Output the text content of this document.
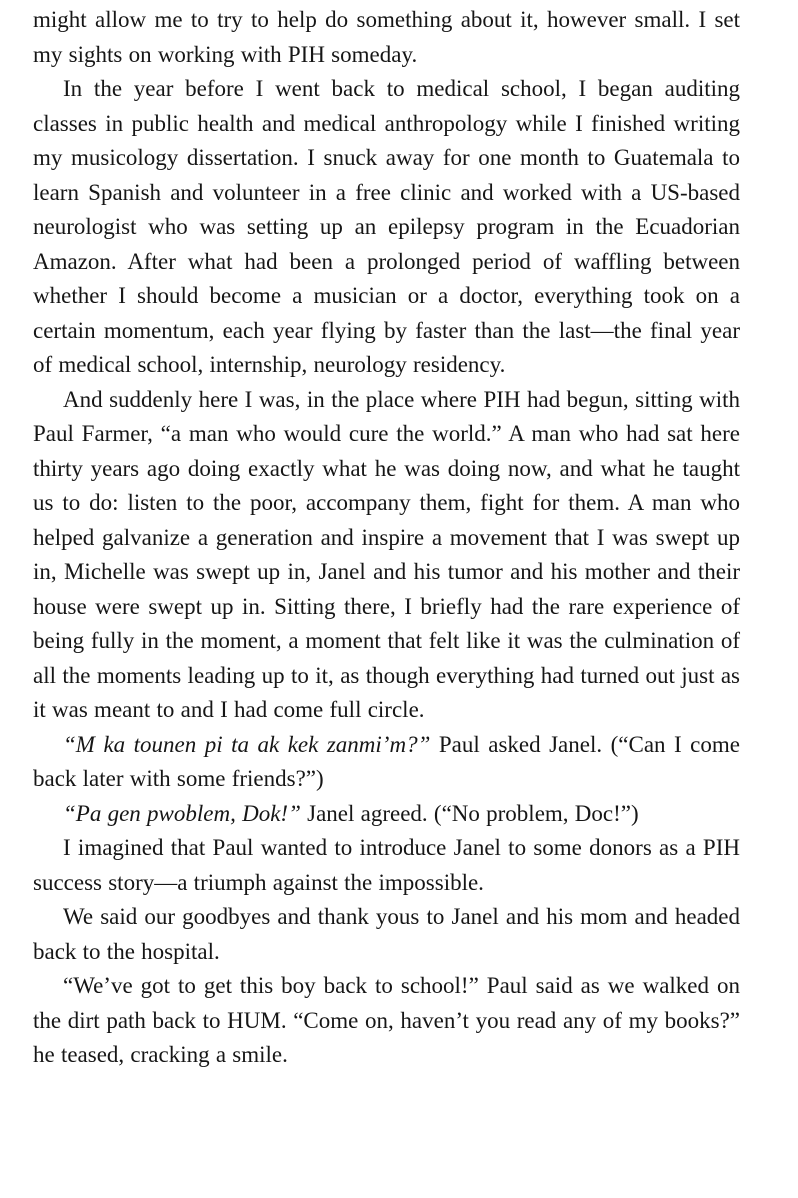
might allow me to try to help do something about it, however small. I set my sights on working with PIH someday.

In the year before I went back to medical school, I began auditing classes in public health and medical anthropology while I finished writing my musicology dissertation. I snuck away for one month to Guatemala to learn Spanish and volunteer in a free clinic and worked with a US-based neurologist who was setting up an epilepsy program in the Ecuadorian Amazon. After what had been a prolonged period of waffling between whether I should become a musician or a doctor, everything took on a certain momentum, each year flying by faster than the last—the final year of medical school, internship, neurology residency.

And suddenly here I was, in the place where PIH had begun, sitting with Paul Farmer, “a man who would cure the world.” A man who had sat here thirty years ago doing exactly what he was doing now, and what he taught us to do: listen to the poor, accompany them, fight for them. A man who helped galvanize a generation and inspire a movement that I was swept up in, Michelle was swept up in, Janel and his tumor and his mother and their house were swept up in. Sitting there, I briefly had the rare experience of being fully in the moment, a moment that felt like it was the culmination of all the moments leading up to it, as though everything had turned out just as it was meant to and I had come full circle.

“M ka tounen pi ta ak kek zanmi’m?” Paul asked Janel. (“Can I come back later with some friends?”)

“Pa gen pwoblem, Dok!” Janel agreed. (“No problem, Doc!”)

I imagined that Paul wanted to introduce Janel to some donors as a PIH success story—a triumph against the impossible.

We said our goodbyes and thank yous to Janel and his mom and headed back to the hospital.

“We’ve got to get this boy back to school!” Paul said as we walked on the dirt path back to HUM. “Come on, haven’t you read any of my books?” he teased, cracking a smile.
